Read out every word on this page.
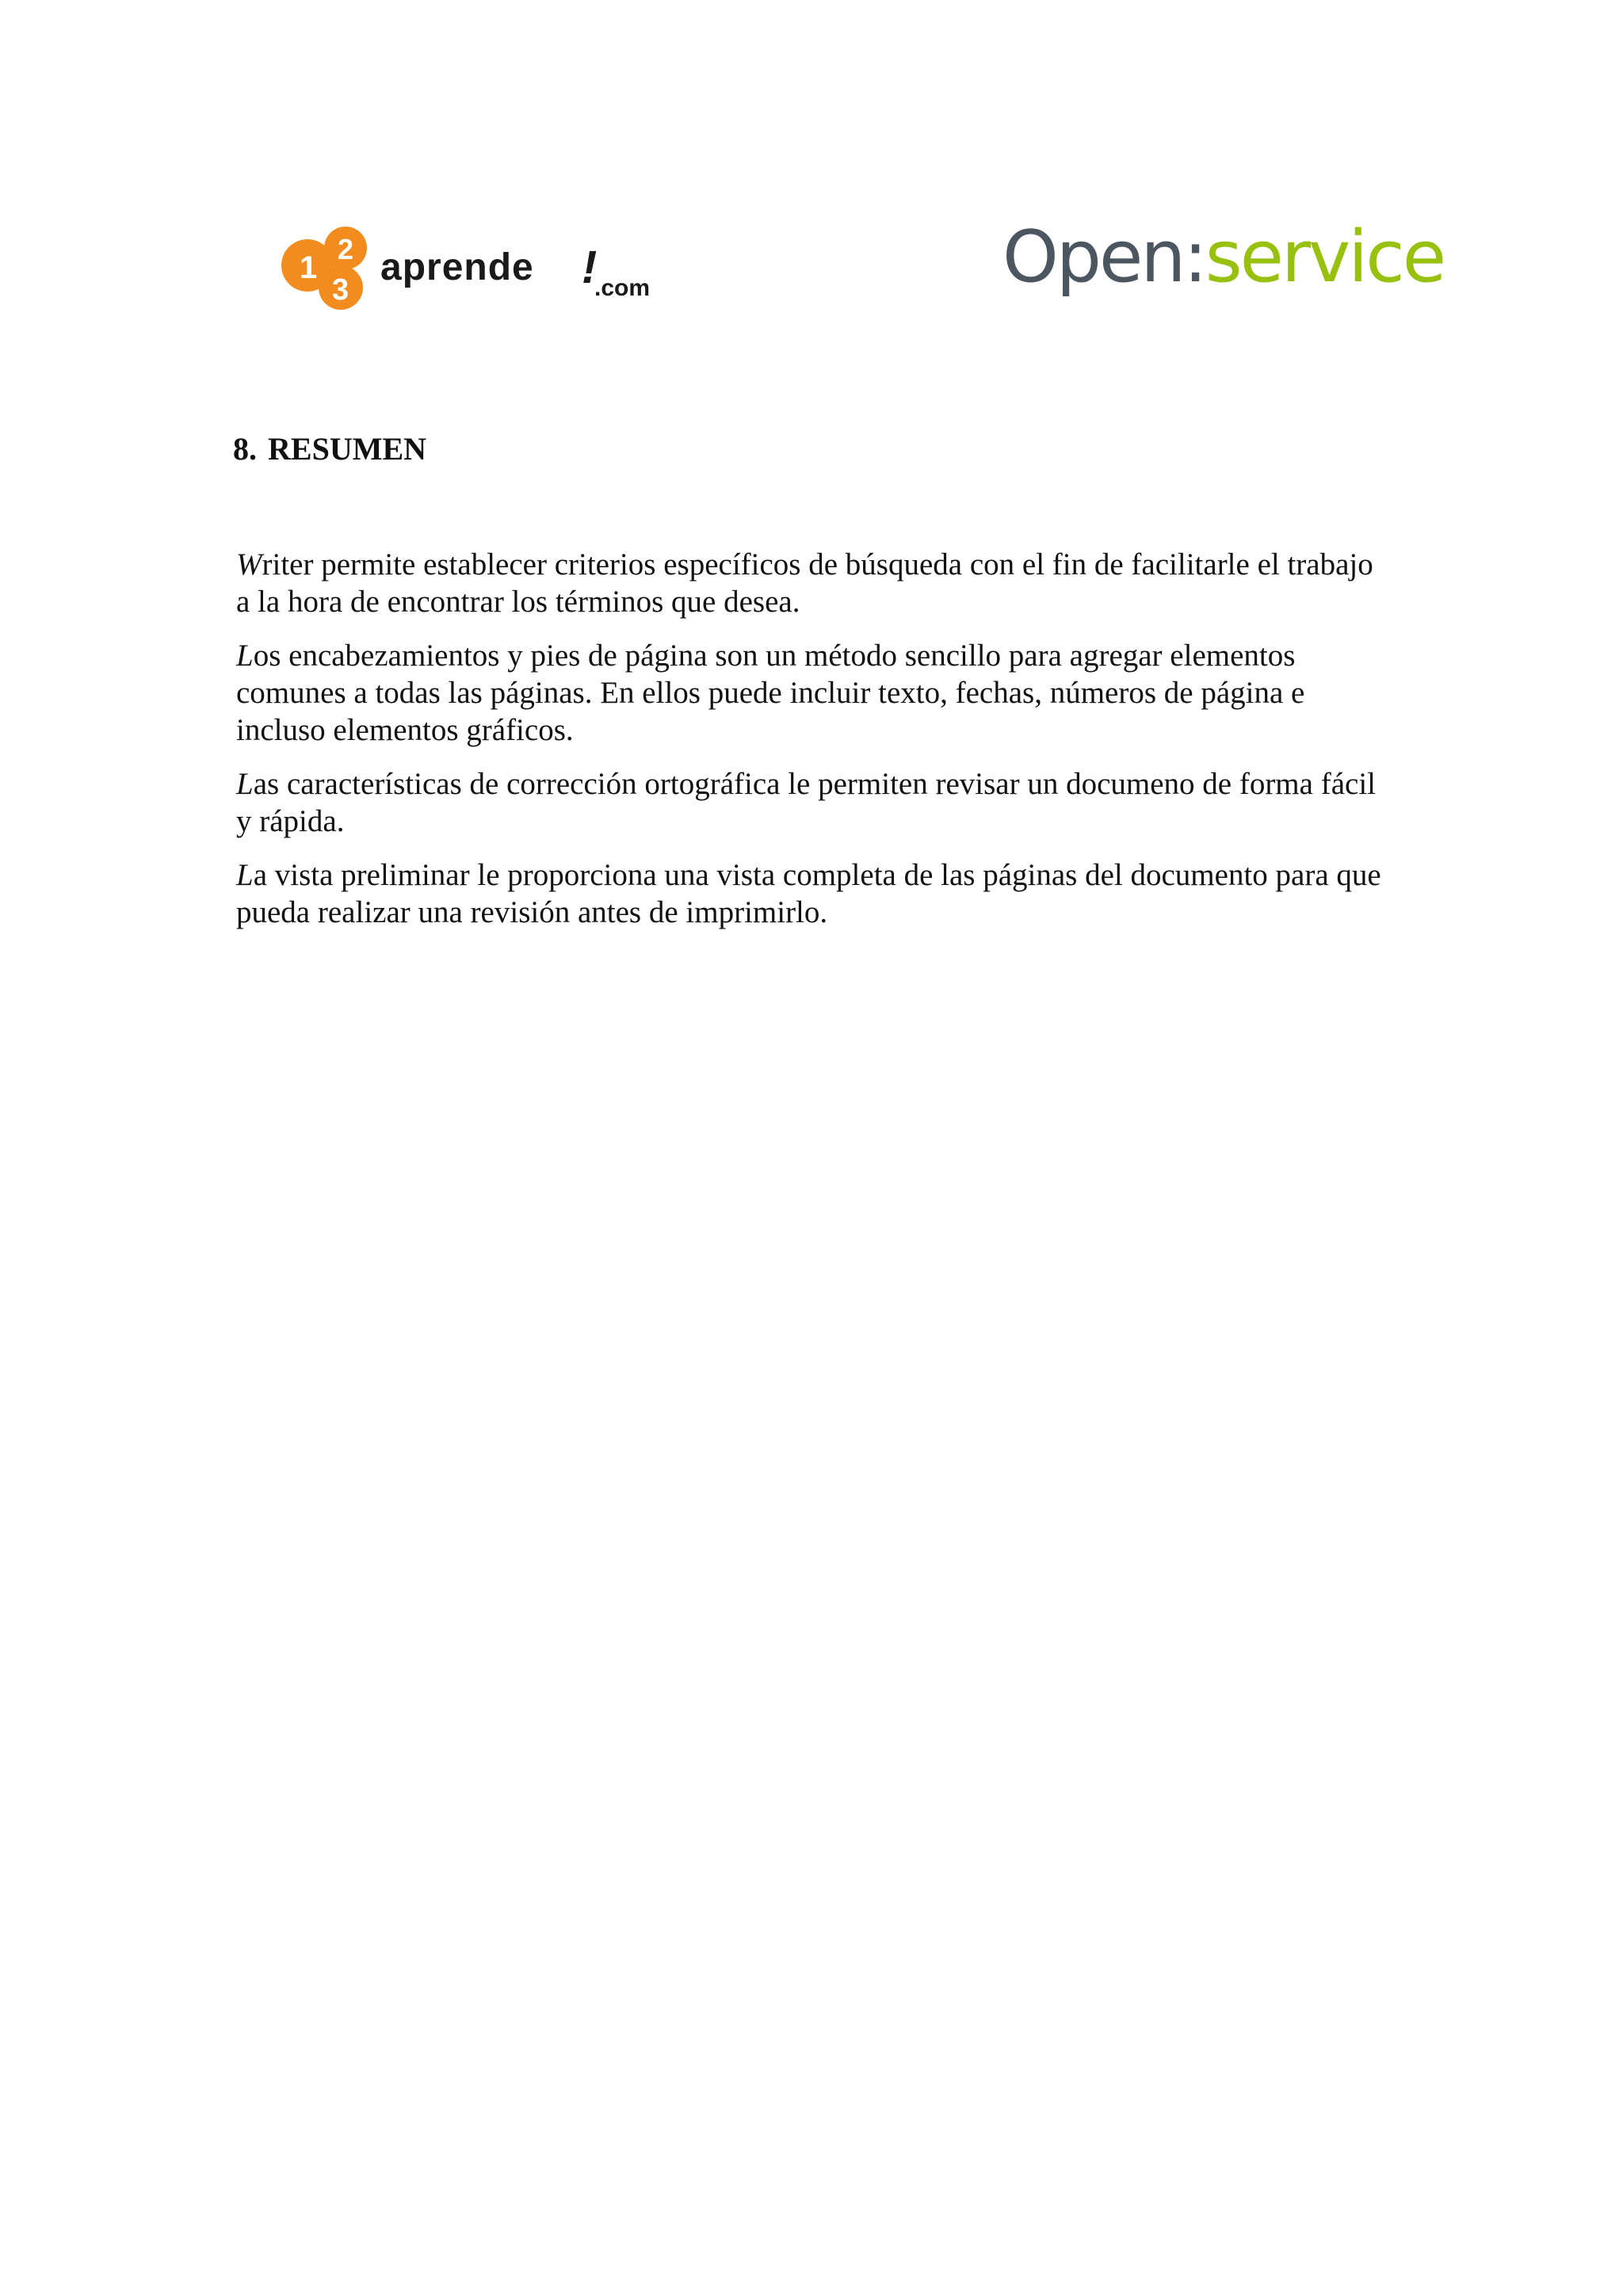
1
2
3
aprende !
.com	Open:service
8. RESUMEN

Writer permite establecer criterios específicos de búsqueda con el fin de facilitarle el trabajo a la hora de encontrar los términos que desea.

Los encabezamientos y pies de página son un método sencillo para agregar elementos comunes a todas las páginas. En ellos puede incluir texto, fechas, números de página e incluso elementos gráficos.

Las características de corrección ortográfica le permiten revisar un documeno de forma fácil y rápida.

La vista preliminar le proporciona una vista completa de las páginas del documento para que pueda realizar una revisión antes de imprimirlo.
